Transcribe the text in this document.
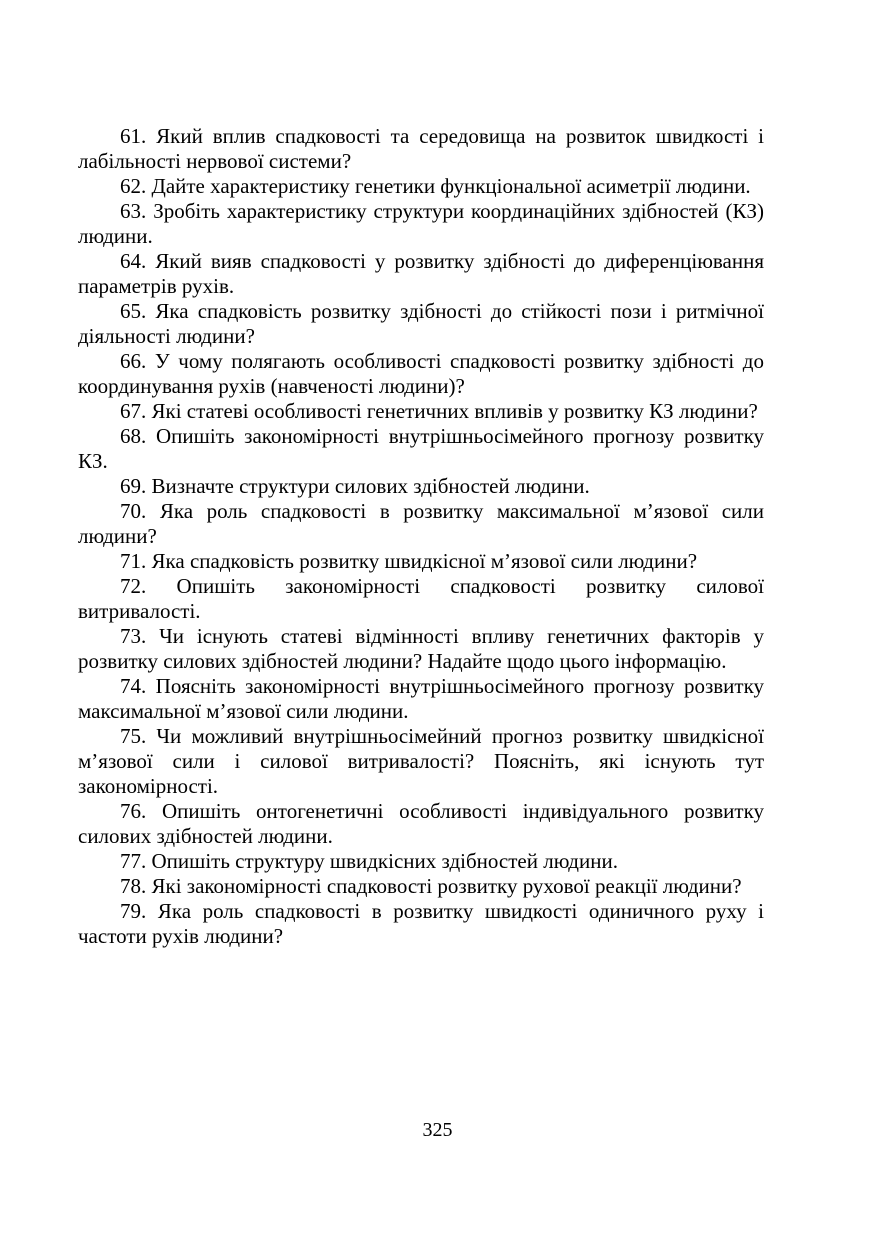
61. Який вплив спадковості та середовища на розвиток швидкості і лабільності нервової системи?

62. Дайте характеристику генетики функціональної асиметрії людини.

63. Зробіть характеристику структури координаційних здібностей (КЗ) людини.

64. Який вияв спадковості у розвитку здібності до диференціювання параметрів рухів.

65. Яка спадковість розвитку здібності до стійкості пози і ритмічної діяльності людини?

66. У чому полягають особливості спадковості розвитку здібності до координування рухів (навченості людини)?

67. Які статеві особливості генетичних впливів у розвитку КЗ людини?

68. Опишіть закономірності внутрішньосімейного прогнозу розвитку КЗ.

69. Визначте структури силових здібностей людини.

70. Яка роль спадковості в розвитку максимальної м’язової сили людини?

71. Яка спадковість розвитку швидкісної м’язової сили людини?

72. Опишіть закономірності спадковості розвитку силової витривалості.

73. Чи існують статеві відмінності впливу генетичних факторів у розвитку силових здібностей людини? Надайте щодо цього інформацію.

74. Поясніть закономірності внутрішньосімейного прогнозу розвитку максимальної м’язової сили людини.

75. Чи можливий внутрішньосімейний прогноз розвитку швидкісної м’язової сили і силової витривалості? Поясніть, які існують тут закономірності.

76. Опишіть онтогенетичні особливості індивідуального розвитку силових здібностей людини.

77. Опишіть структуру швидкісних здібностей людини.

78. Які закономірності спадковості розвитку рухової реакції людини?

79. Яка роль спадковості в розвитку швидкості одиничного руху і частоти рухів людини?

325
